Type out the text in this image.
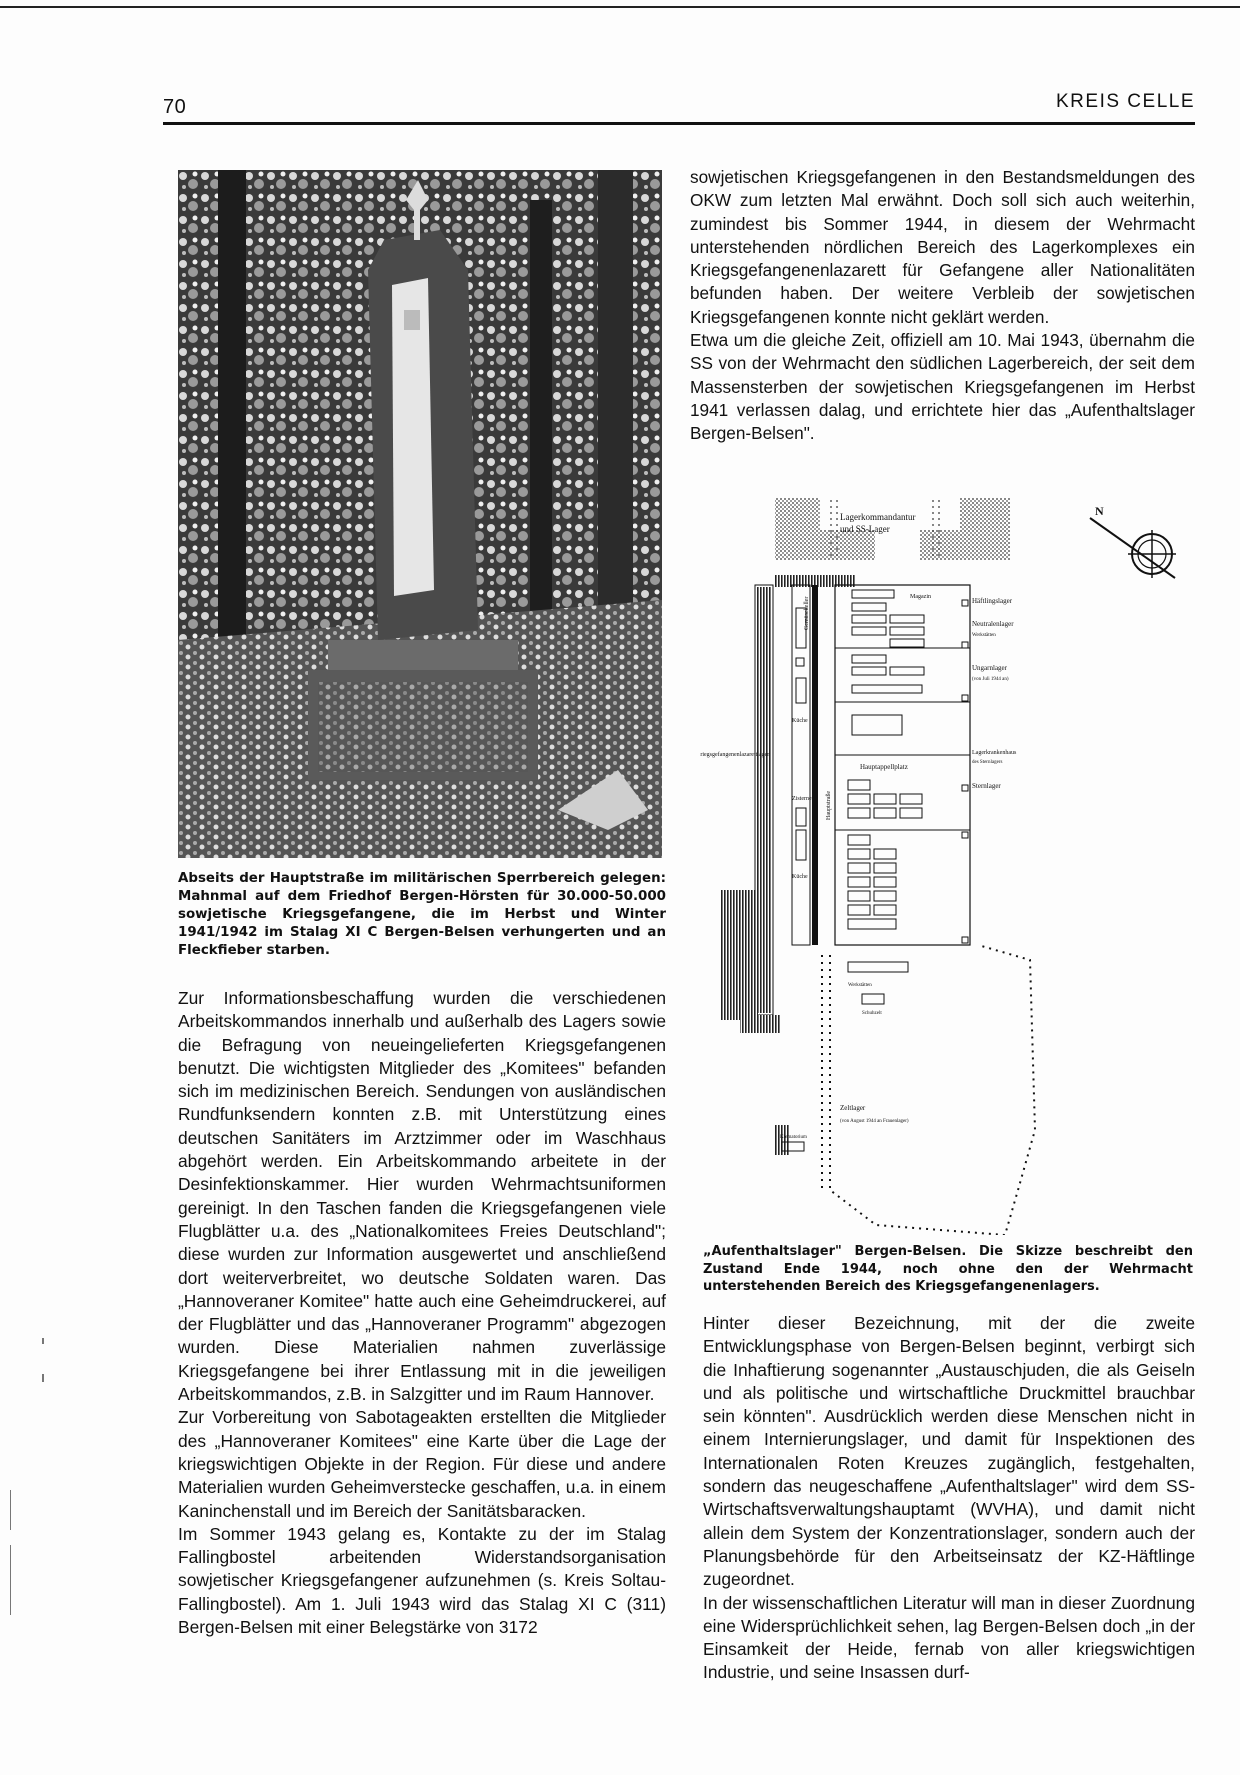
70	KREIS CELLE
Abseits der Hauptstraße im militärischen Sperrbereich gelegen: Mahnmal auf dem Friedhof Bergen-Hörsten für 30.000-50.000 sowjetische Kriegsgefangene, die im Herbst und Winter 1941/1942 im Stalag XI C Bergen-Belsen verhungerten und an Fleckfieber starben.

Zur Informationsbeschaffung wurden die verschiedenen Arbeitskommandos innerhalb und außerhalb des Lagers sowie die Befragung von neueingelieferten Kriegsgefangenen benutzt. Die wichtigsten Mitglieder des „Komitees" befanden sich im medizinischen Bereich. Sendungen von ausländischen Rundfunksendern konnten z.B. mit Unterstützung eines deutschen Sanitäters im Arztzimmer oder im Waschhaus abgehört werden. Ein Arbeitskommando arbeitete in der Desinfektionskammer. Hier wurden Wehrmachtsuniformen gereinigt. In den Taschen fanden die Kriegsgefangenen viele Flugblätter u.a. des „Nationalkomitees Freies Deutschland"; diese wurden zur Information ausgewertet und anschließend dort weiterverbreitet, wo deutsche Soldaten waren. Das „Hannoveraner Komitee" hatte auch eine Geheimdruckerei, auf der Flugblätter und das „Hannoveraner Programm" abgezogen wurden. Diese Materialien nahmen zuverlässige Kriegsgefangene bei ihrer Entlassung mit in die jeweiligen Arbeitskommandos, z.B. in Salzgitter und im Raum Hannover.

Zur Vorbereitung von Sabotageakten erstellten die Mitglieder des „Hannoveraner Komitees" eine Karte über die Lage der kriegswichtigen Objekte in der Region. Für diese und andere Materialien wurden Geheimverstecke geschaffen, u.a. in einem Kaninchenstall und im Bereich der Sanitätsbaracken.

Im Sommer 1943 gelang es, Kontakte zu der im Stalag Fallingbostel arbeitenden Widerstandsorganisation sowjetischer Kriegsgefangener aufzunehmen (s. Kreis Soltau-Fallingbostel). Am 1. Juli 1943 wird das Stalag XI C (311) Bergen-Belsen mit einer Belegstärke von 3172

sowjetischen Kriegsgefangenen in den Bestandsmeldungen des OKW zum letzten Mal erwähnt. Doch soll sich auch weiterhin, zumindest bis Sommer 1944, in diesem der Wehrmacht unterstehenden nördlichen Bereich des Lagerkomplexes ein Kriegsgefangenenlazarett für Gefangene aller Nationalitäten befunden haben. Der weitere Verbleib der sowjetischen Kriegsgefangenen konnte nicht geklärt werden.

Etwa um die gleiche Zeit, offiziell am 10. Mai 1943, übernahm die SS von der Wehrmacht den südlichen Lagerbereich, der seit dem Massensterben der sowjetischen Kriegsgefangenen im Herbst 1941 verlassen dalag, und errichtete hier das „Aufenthaltslager Bergen-Belsen".

Lagerkommandantur
und SS-Lager
N
Gemüsekeller
Küche
Zisterne Hauptstraße
Küche
Magazin
Hauptappellplatz
Häftlingslager
Neutralenlager
Werkstätten
Ungarnlager
(von Juli 1944 an)
Lagerkrankenhaus
des Sternlagers
Sternlager
Kriegsgefangenenlazarettlager
Werkstätten
Schuhzelt
Zeltlager
(von August 1944 an Frauenlager)
Krematorium
„Aufenthaltslager" Bergen-Belsen. Die Skizze beschreibt den Zustand Ende 1944, noch ohne den der Wehrmacht unterstehenden Bereich des Kriegsgefangenenlagers.

Hinter dieser Bezeichnung, mit der die zweite Entwicklungsphase von Bergen-Belsen beginnt, verbirgt sich die Inhaftierung sogenannter „Austauschjuden, die als Geiseln und als politische und wirtschaftliche Druckmittel brauchbar sein könnten". Ausdrücklich werden diese Menschen nicht in einem Internierungslager, und damit für Inspektionen des Internationalen Roten Kreuzes zugänglich, festgehalten, sondern das neugeschaffene „Aufenthaltslager" wird dem SS-Wirtschaftsverwaltungshauptamt (WVHA), und damit nicht allein dem System der Konzentrationslager, sondern auch der Planungsbehörde für den Arbeitseinsatz der KZ-Häftlinge zugeordnet.

In der wissenschaftlichen Literatur will man in dieser Zuordnung eine Widersprüchlichkeit sehen, lag Bergen-Belsen doch „in der Einsamkeit der Heide, fernab von aller kriegswichtigen Industrie, und seine Insassen durf-
